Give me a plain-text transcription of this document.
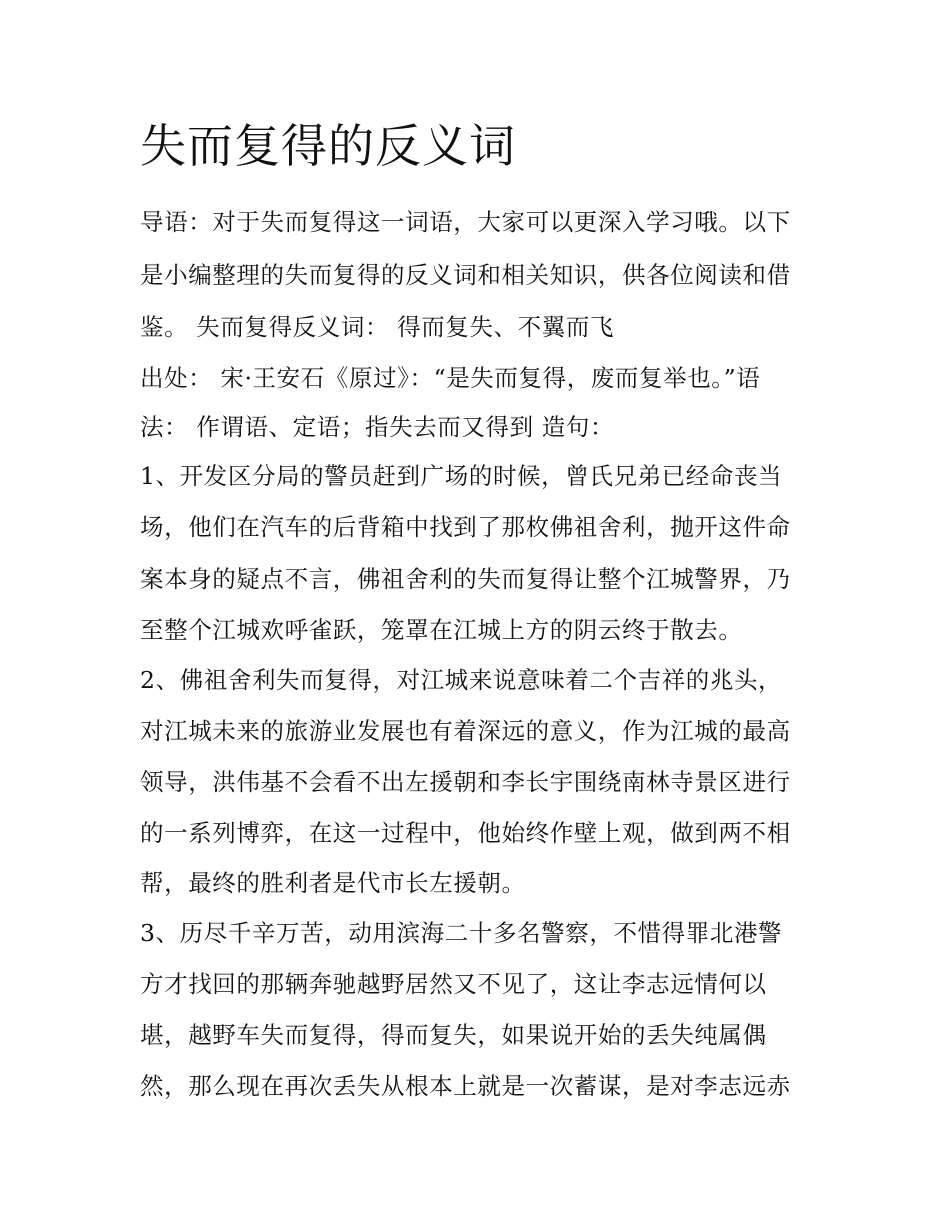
失而复得的反义词

导语：对于失而复得这一词语，大家可以更深入学习哦。以下

是小编整理的失而复得的反义词和相关知识，供各位阅读和借

鉴。 失而复得反义词： 得而复失、不翼而飞

出处： 宋·王安石《原过》：“是失而复得，废而复举也。”语

法： 作谓语、定语；指失去而又得到 造句：

1、开发区分局的警员赶到广场的时候，曾氏兄弟已经命丧当

场，他们在汽车的后背箱中找到了那枚佛祖舍利，抛开这件命

案本身的疑点不言，佛祖舍利的失而复得让整个江城警界，乃

至整个江城欢呼雀跃，笼罩在江城上方的阴云终于散去。

2、佛祖舍利失而复得，对江城来说意味着二个吉祥的兆头，

对江城未来的旅游业发展也有着深远的意义，作为江城的最高

领导，洪伟基不会看不出左援朝和李长宇围绕南林寺景区进行

的一系列博弈，在这一过程中，他始终作壁上观，做到两不相

帮，最终的胜利者是代市长左援朝。

3、历尽千辛万苦，动用滨海二十多名警察，不惜得罪北港警

方才找回的那辆奔驰越野居然又不见了，这让李志远情何以

堪，越野车失而复得，得而复失，如果说开始的丢失纯属偶

然，那么现在再次丢失从根本上就是一次蓄谋，是对李志远赤
